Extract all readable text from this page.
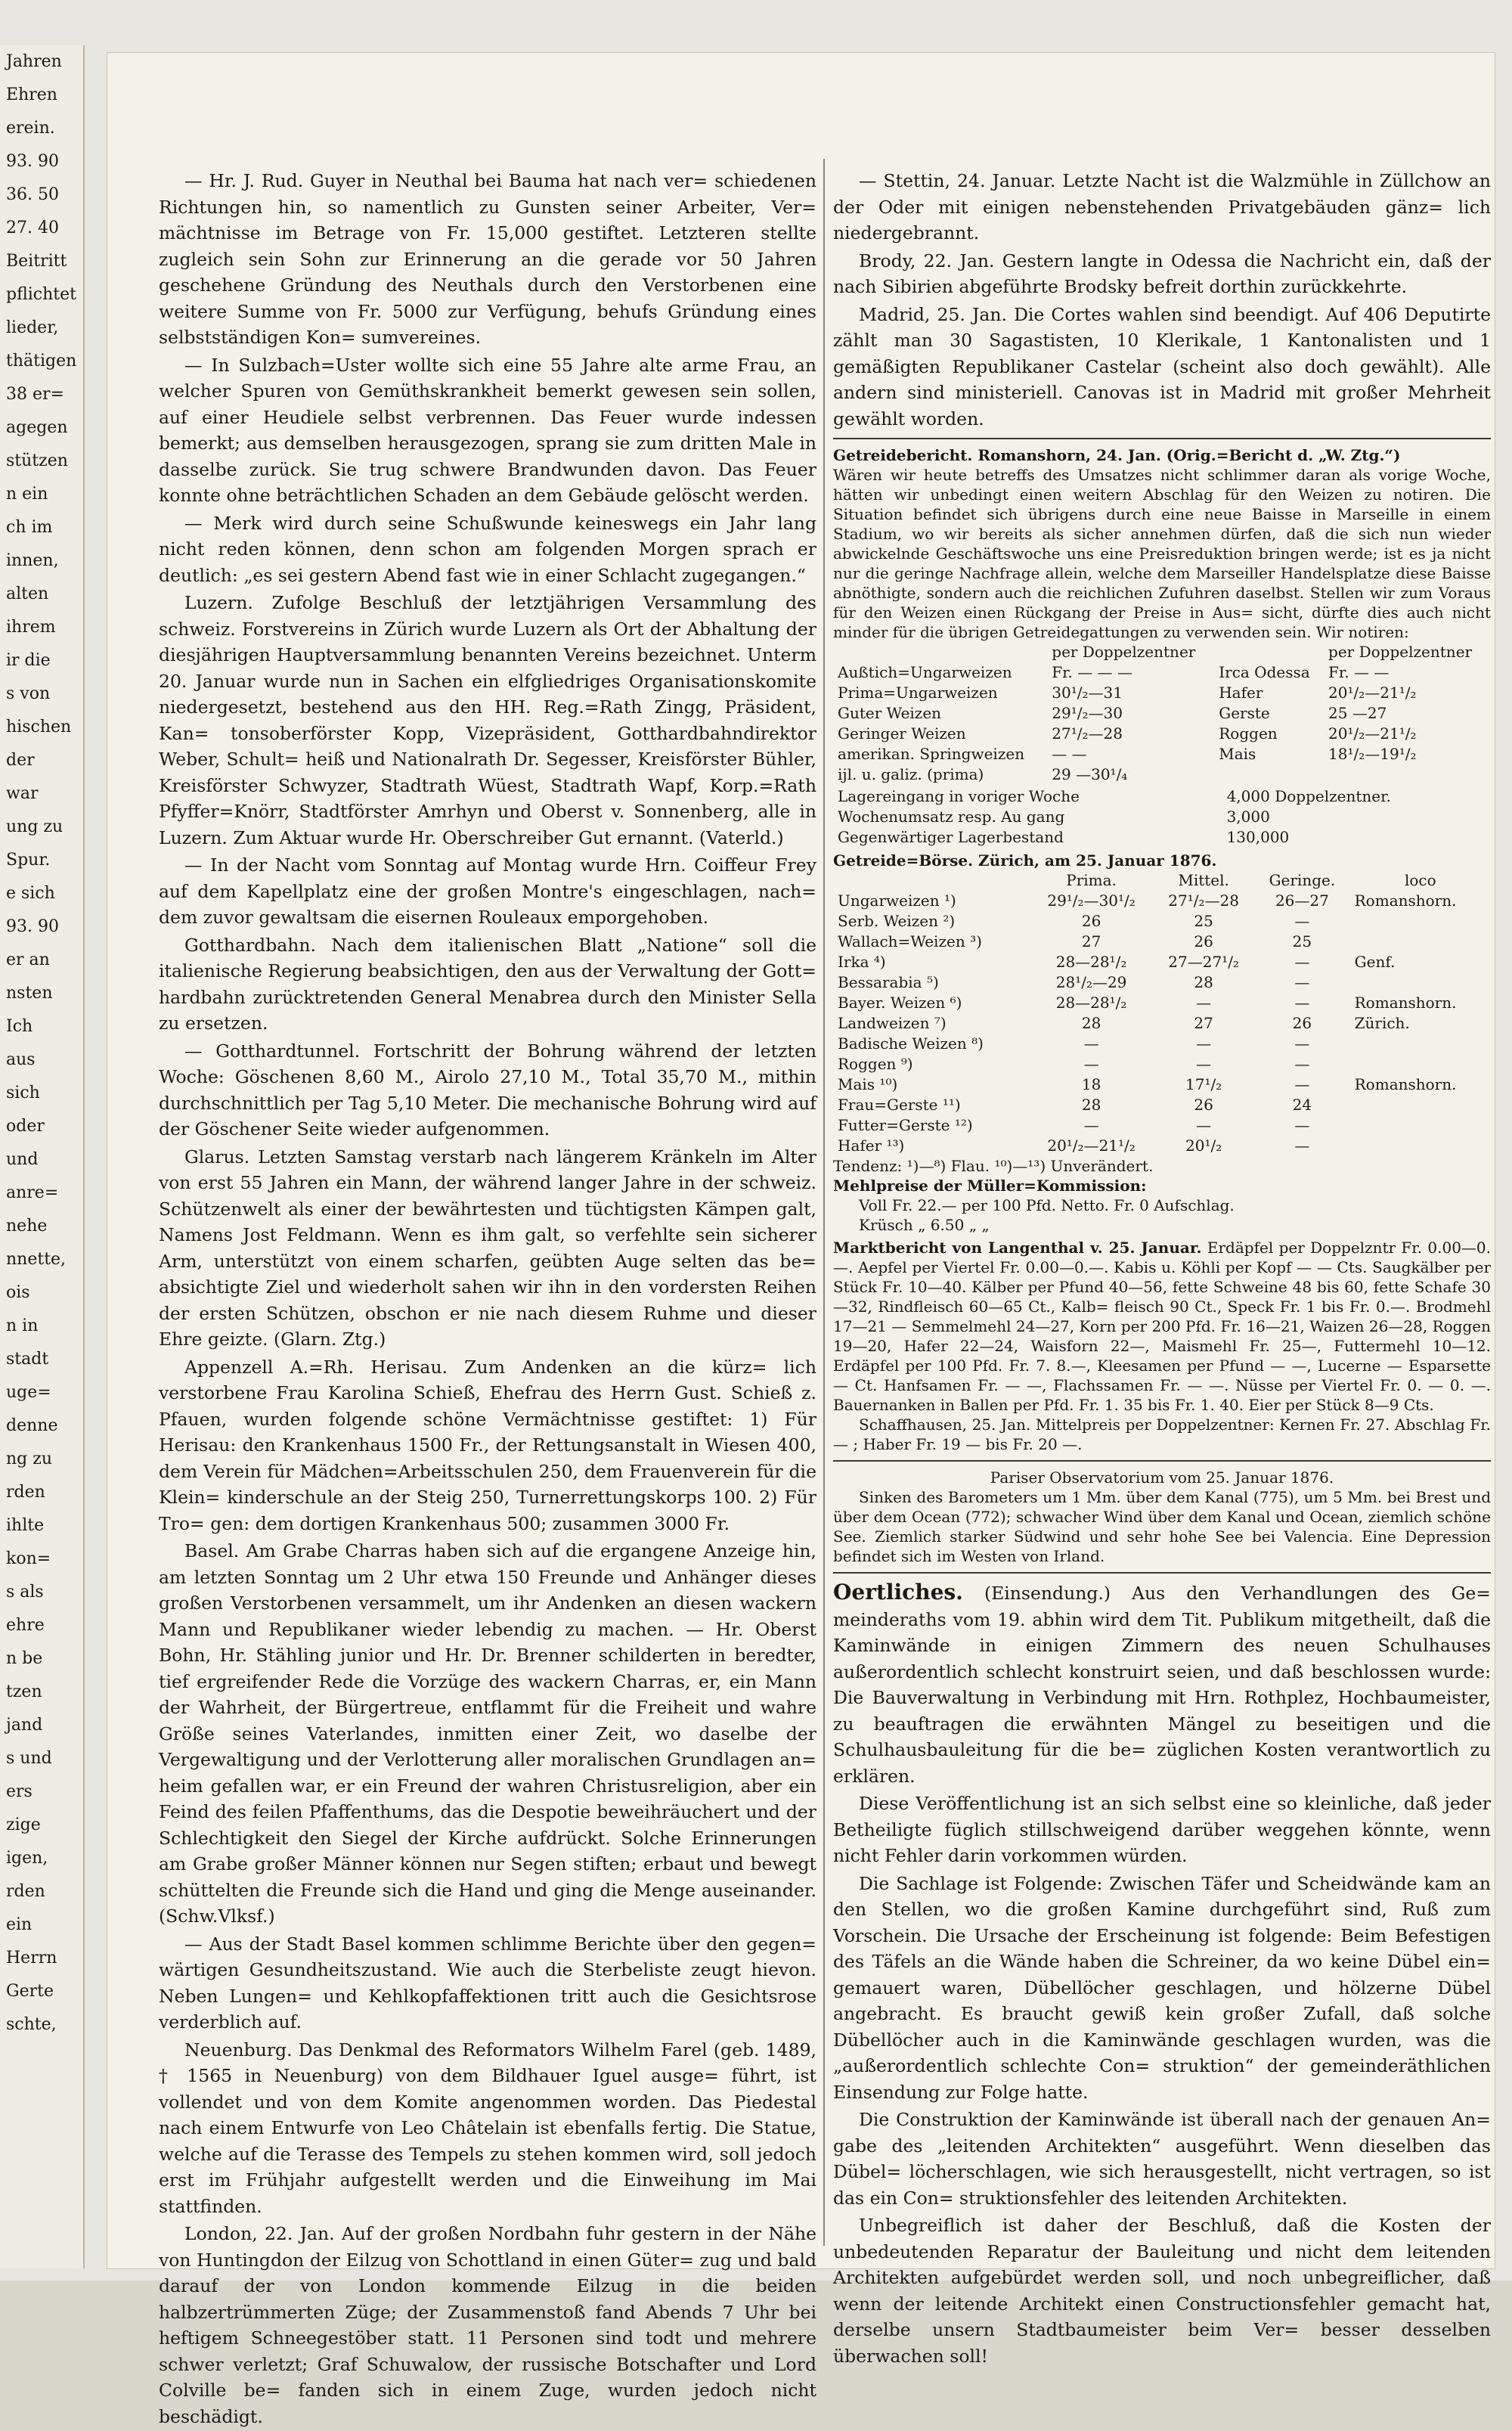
Jahren
Ehren
erein.
93. 90
36. 50
27. 40
Beitritt
pflichtet
lieder,
thätigen
38 er=
agegen
stützen
n ein
ch im
innen,
alten
ihrem
ir die
s von
hischen
der
war
ung zu
Spur.
e sich
93. 90
er an
nsten
Ich
aus
sich
oder
und
anre=
nehe
nnette,
ois
n in
stadt
uge=
denne
ng zu
rden
ihlte
kon=
s als
ehre
n be
tzen
jand
s und
ers
zige
igen,
rden
ein
Herrn
Gerte
schte,

— Hr. J. Rud. Guyer in Neuthal bei Bauma hat nach ver= schiedenen Richtungen hin, so namentlich zu Gunsten seiner Arbeiter, Ver= mächtnisse im Betrage von Fr. 15,000 gestiftet. Letzteren stellte zugleich sein Sohn zur Erinnerung an die gerade vor 50 Jahren geschehene Gründung des Neuthals durch den Verstorbenen eine weitere Summe von Fr. 5000 zur Verfügung, behufs Gründung eines selbstständigen Kon= sumvereines.

— In Sulzbach=Uster wollte sich eine 55 Jahre alte arme Frau, an welcher Spuren von Gemüthskrankheit bemerkt gewesen sein sollen, auf einer Heudiele selbst verbrennen. Das Feuer wurde indessen bemerkt; aus demselben herausgezogen, sprang sie zum dritten Male in dasselbe zurück. Sie trug schwere Brandwunden davon. Das Feuer konnte ohne beträchtlichen Schaden an dem Gebäude gelöscht werden.

— Merk wird durch seine Schußwunde keineswegs ein Jahr lang nicht reden können, denn schon am folgenden Morgen sprach er deutlich: „es sei gestern Abend fast wie in einer Schlacht zugegangen.“

Luzern. Zufolge Beschluß der letztjährigen Versammlung des schweiz. Forstvereins in Zürich wurde Luzern als Ort der Abhaltung der diesjährigen Hauptversammlung benannten Vereins bezeichnet. Unterm 20. Januar wurde nun in Sachen ein elfgliedriges Organisationskomite niedergesetzt, bestehend aus den HH. Reg.=Rath Zingg, Präsident, Kan= tonsoberförster Kopp, Vizepräsident, Gotthardbahndirektor Weber, Schult= heiß und Nationalrath Dr. Segesser, Kreisförster Bühler, Kreisförster Schwyzer, Stadtrath Wüest, Stadtrath Wapf, Korp.=Rath Pfyffer=Knörr, Stadtförster Amrhyn und Oberst v. Sonnenberg, alle in Luzern. Zum Aktuar wurde Hr. Oberschreiber Gut ernannt. (Vaterld.)

— In der Nacht vom Sonntag auf Montag wurde Hrn. Coiffeur Frey auf dem Kapellplatz eine der großen Montre's eingeschlagen, nach= dem zuvor gewaltsam die eisernen Rouleaux emporgehoben.

Gotthardbahn. Nach dem italienischen Blatt „Natione“ soll die italienische Regierung beabsichtigen, den aus der Verwaltung der Gott= hardbahn zurücktretenden General Menabrea durch den Minister Sella zu ersetzen.

— Gotthardtunnel. Fortschritt der Bohrung während der letzten Woche: Göschenen 8,60 M., Airolo 27,10 M., Total 35,70 M., mithin durchschnittlich per Tag 5,10 Meter. Die mechanische Bohrung wird auf der Göschener Seite wieder aufgenommen.

Glarus. Letzten Samstag verstarb nach längerem Kränkeln im Alter von erst 55 Jahren ein Mann, der während langer Jahre in der schweiz. Schützenwelt als einer der bewährtesten und tüchtigsten Kämpen galt, Namens Jost Feldmann. Wenn es ihm galt, so verfehlte sein sicherer Arm, unterstützt von einem scharfen, geübten Auge selten das be= absichtigte Ziel und wiederholt sahen wir ihn in den vordersten Reihen der ersten Schützen, obschon er nie nach diesem Ruhme und dieser Ehre geizte. (Glarn. Ztg.)

Appenzell A.=Rh. Herisau. Zum Andenken an die kürz= lich verstorbene Frau Karolina Schieß, Ehefrau des Herrn Gust. Schieß z. Pfauen, wurden folgende schöne Vermächtnisse gestiftet: 1) Für Herisau: den Krankenhaus 1500 Fr., der Rettungsanstalt in Wiesen 400, dem Verein für Mädchen=Arbeitsschulen 250, dem Frauenverein für die Klein= kinderschule an der Steig 250, Turnerrettungskorps 100. 2) Für Tro= gen: dem dortigen Krankenhaus 500; zusammen 3000 Fr.

Basel. Am Grabe Charras haben sich auf die ergangene Anzeige hin, am letzten Sonntag um 2 Uhr etwa 150 Freunde und Anhänger dieses großen Verstorbenen versammelt, um ihr Andenken an diesen wackern Mann und Republikaner wieder lebendig zu machen. — Hr. Oberst Bohn, Hr. Stähling junior und Hr. Dr. Brenner schilderten in beredter, tief ergreifender Rede die Vorzüge des wackern Charras, er, ein Mann der Wahrheit, der Bürgertreue, entflammt für die Freiheit und wahre Größe seines Vaterlandes, inmitten einer Zeit, wo daselbe der Vergewaltigung und der Verlotterung aller moralischen Grundlagen an= heim gefallen war, er ein Freund der wahren Christusreligion, aber ein Feind des feilen Pfaffenthums, das die Despotie beweihräuchert und der Schlechtigkeit den Siegel der Kirche aufdrückt. Solche Erinnerungen am Grabe großer Männer können nur Segen stiften; erbaut und bewegt schüttelten die Freunde sich die Hand und ging die Menge auseinander. (Schw.Vlksf.)

— Aus der Stadt Basel kommen schlimme Berichte über den gegen= wärtigen Gesundheitszustand. Wie auch die Sterbeliste zeugt hievon. Neben Lungen= und Kehlkopfaffektionen tritt auch die Gesichtsrose verderblich auf.

Neuenburg. Das Denkmal des Reformators Wilhelm Farel (geb. 1489, † 1565 in Neuenburg) von dem Bildhauer Iguel ausge= führt, ist vollendet und von dem Komite angenommen worden. Das Piedestal nach einem Entwurfe von Leo Châtelain ist ebenfalls fertig. Die Statue, welche auf die Terasse des Tempels zu stehen kommen wird, soll jedoch erst im Frühjahr aufgestellt werden und die Einweihung im Mai stattfinden.

London, 22. Jan. Auf der großen Nordbahn fuhr gestern in der Nähe von Huntingdon der Eilzug von Schottland in einen Güter= zug und bald darauf der von London kommende Eilzug in die beiden halbzertrümmerten Züge; der Zusammenstoß fand Abends 7 Uhr bei heftigem Schneegestöber statt. 11 Personen sind todt und mehrere schwer verletzt; Graf Schuwalow, der russische Botschafter und Lord Colville be= fanden sich in einem Zuge, wurden jedoch nicht beschädigt.

— Stettin, 24. Januar. Letzte Nacht ist die Walzmühle in Züllchow an der Oder mit einigen nebenstehenden Privatgebäuden gänz= lich niedergebrannt.

Brody, 22. Jan. Gestern langte in Odessa die Nachricht ein, daß der nach Sibirien abgeführte Brodsky befreit dorthin zurückkehrte.

Madrid, 25. Jan. Die Cortes wahlen sind beendigt. Auf 406 Deputirte zählt man 30 Sagastisten, 10 Klerikale, 1 Kantonalisten und 1 gemäßigten Republikaner Castelar (scheint also doch gewählt). Alle andern sind ministeriell. Canovas ist in Madrid mit großer Mehrheit gewählt worden.

Getreidebericht. Romanshorn, 24. Jan. (Orig.=Bericht d. „W. Ztg.“)
Wären wir heute betreffs des Umsatzes nicht schlimmer daran als vorige Woche, hätten wir unbedingt einen weitern Abschlag für den Weizen zu notiren. Die Situation befindet sich übrigens durch eine neue Baisse in Marseille in einem Stadium, wo wir bereits als sicher annehmen dürfen, daß die sich nun wieder abwickelnde Geschäftswoche uns eine Preisreduktion bringen werde; ist es ja nicht nur die geringe Nachfrage allein, welche dem Marseiller Handelsplatze diese Baisse abnöthigte, sondern auch die reichlichen Zufuhren daselbst. Stellen wir zum Voraus für den Weizen einen Rückgang der Preise in Aus= sicht, dürfte dies auch nicht minder für die übrigen Getreidegattungen zu verwenden sein. Wir notiren:
	per Doppelzentner		per Doppelzentner
Außtich=Ungarweizen	Fr. — — —	Irca Odessa	Fr. — —
Prima=Ungarweizen	30¹/₂—31	Hafer	20¹/₂—21¹/₂
Guter Weizen	29¹/₂—30	Gerste	25 —27
Geringer Weizen	27¹/₂—28	Roggen	20¹/₂—21¹/₂
amerikan. Springweizen	— —	Mais	18¹/₂—19¹/₂
ijl. u. galiz. (prima)	29 —30¹/₄		
Lagereingang in voriger Woche	4,000 Doppelzentner.
Wochenumsatz resp. Au gang	3,000
Gegenwärtiger Lagerbestand	130,000
Getreide=Börse. Zürich, am 25. Januar 1876.
	Prima.	Mittel.	Geringe.	loco
Ungarweizen ¹)	29¹/₂—30¹/₂	27¹/₂—28	26—27	Romanshorn.
Serb. Weizen ²)	26	25	—	
Wallach=Weizen ³)	27	26	25	
Irka ⁴)	28—28¹/₂	27—27¹/₂	—	Genf.
Bessarabia ⁵)	28¹/₂—29	28	—	
Bayer. Weizen ⁶)	28—28¹/₂	—	—	Romanshorn.
Landweizen ⁷)	28	27	26	Zürich.
Badische Weizen ⁸)	—	—	—	
Roggen ⁹)	—	—	—	
Mais ¹⁰)	18	17¹/₂	—	Romanshorn.
Frau=Gerste ¹¹)	28	26	24	
Futter=Gerste ¹²)	—	—	—	
Hafer ¹³)	20¹/₂—21¹/₂	20¹/₂	—	
Tendenz: ¹)—⁸) Flau. ¹⁰)—¹³) Unverändert.
Mehlpreise der Müller=Kommission:
Voll Fr. 22.— per 100 Pfd. Netto. Fr. 0 Aufschlag.
Krüsch „ 6.50 „ „
Marktbericht von Langenthal v. 25. Januar. Erdäpfel per Doppelzntr Fr. 0.00—0.—. Aepfel per Viertel Fr. 0.00—0.—. Kabis u. Köhli per Kopf — — Cts. Saugkälber per Stück Fr. 10—40. Kälber per Pfund 40—56, fette Schweine 48 bis 60, fette Schafe 30—32, Rindfleisch 60—65 Ct., Kalb= fleisch 90 Ct., Speck Fr. 1 bis Fr. 0.—. Brodmehl 17—21 — Semmelmehl 24—27, Korn per 200 Pfd. Fr. 16—21, Waizen 26—28, Roggen 19—20, Hafer 22—24, Waisforn 22—, Maismehl Fr. 25—, Futtermehl 10—12. Erdäpfel per 100 Pfd. Fr. 7. 8.—, Kleesamen per Pfund — —, Lucerne — Esparsette — Ct. Hanfsamen Fr. — —, Flachssamen Fr. — —. Nüsse per Viertel Fr. 0. — 0. —. Bauernanken in Ballen per Pfd. Fr. 1. 35 bis Fr. 1. 40. Eier per Stück 8—9 Cts.
Schaffhausen, 25. Jan. Mittelpreis per Doppelzentner: Kernen Fr. 27. Abschlag Fr. — ; Haber Fr. 19 — bis Fr. 20 —.
Pariser Observatorium vom 25. Januar 1876.
Sinken des Barometers um 1 Mm. über dem Kanal (775), um 5 Mm. bei Brest und über dem Ocean (772); schwacher Wind über dem Kanal und Ocean, ziemlich schöne See. Ziemlich starker Südwind und sehr hohe See bei Valencia. Eine Depression befindet sich im Westen von Irland.

Oertliches. (Einsendung.) Aus den Verhandlungen des Ge= meinderaths vom 19. abhin wird dem Tit. Publikum mitgetheilt, daß die Kaminwände in einigen Zimmern des neuen Schulhauses außerordentlich schlecht konstruirt seien, und daß beschlossen wurde: Die Bauverwaltung in Verbindung mit Hrn. Rothplez, Hochbaumeister, zu beauftragen die erwähnten Mängel zu beseitigen und die Schulhausbauleitung für die be= züglichen Kosten verantwortlich zu erklären.

Diese Veröffentlichung ist an sich selbst eine so kleinliche, daß jeder Betheiligte füglich stillschweigend darüber weggehen könnte, wenn nicht Fehler darin vorkommen würden.

Die Sachlage ist Folgende: Zwischen Täfer und Scheidwände kam an den Stellen, wo die großen Kamine durchgeführt sind, Ruß zum Vorschein. Die Ursache der Erscheinung ist folgende: Beim Befestigen des Täfels an die Wände haben die Schreiner, da wo keine Dübel ein= gemauert waren, Dübellöcher geschlagen, und hölzerne Dübel angebracht. Es braucht gewiß kein großer Zufall, daß solche Dübellöcher auch in die Kaminwände geschlagen wurden, was die „außerordentlich schlechte Con= struktion“ der gemeinderäthlichen Einsendung zur Folge hatte.

Die Construktion der Kaminwände ist überall nach der genauen An= gabe des „leitenden Architekten“ ausgeführt. Wenn dieselben das Dübel= löcherschlagen, wie sich herausgestellt, nicht vertragen, so ist das ein Con= struktionsfehler des leitenden Architekten.

Unbegreiflich ist daher der Beschluß, daß die Kosten der unbedeutenden Reparatur der Bauleitung und nicht dem leitenden Architekten aufgebürdet werden soll, und noch unbegreiflicher, daß wenn der leitende Architekt einen Constructionsfehler gemacht hat, derselbe unsern Stadtbaumeister beim Ver= besser desselben überwachen soll!
